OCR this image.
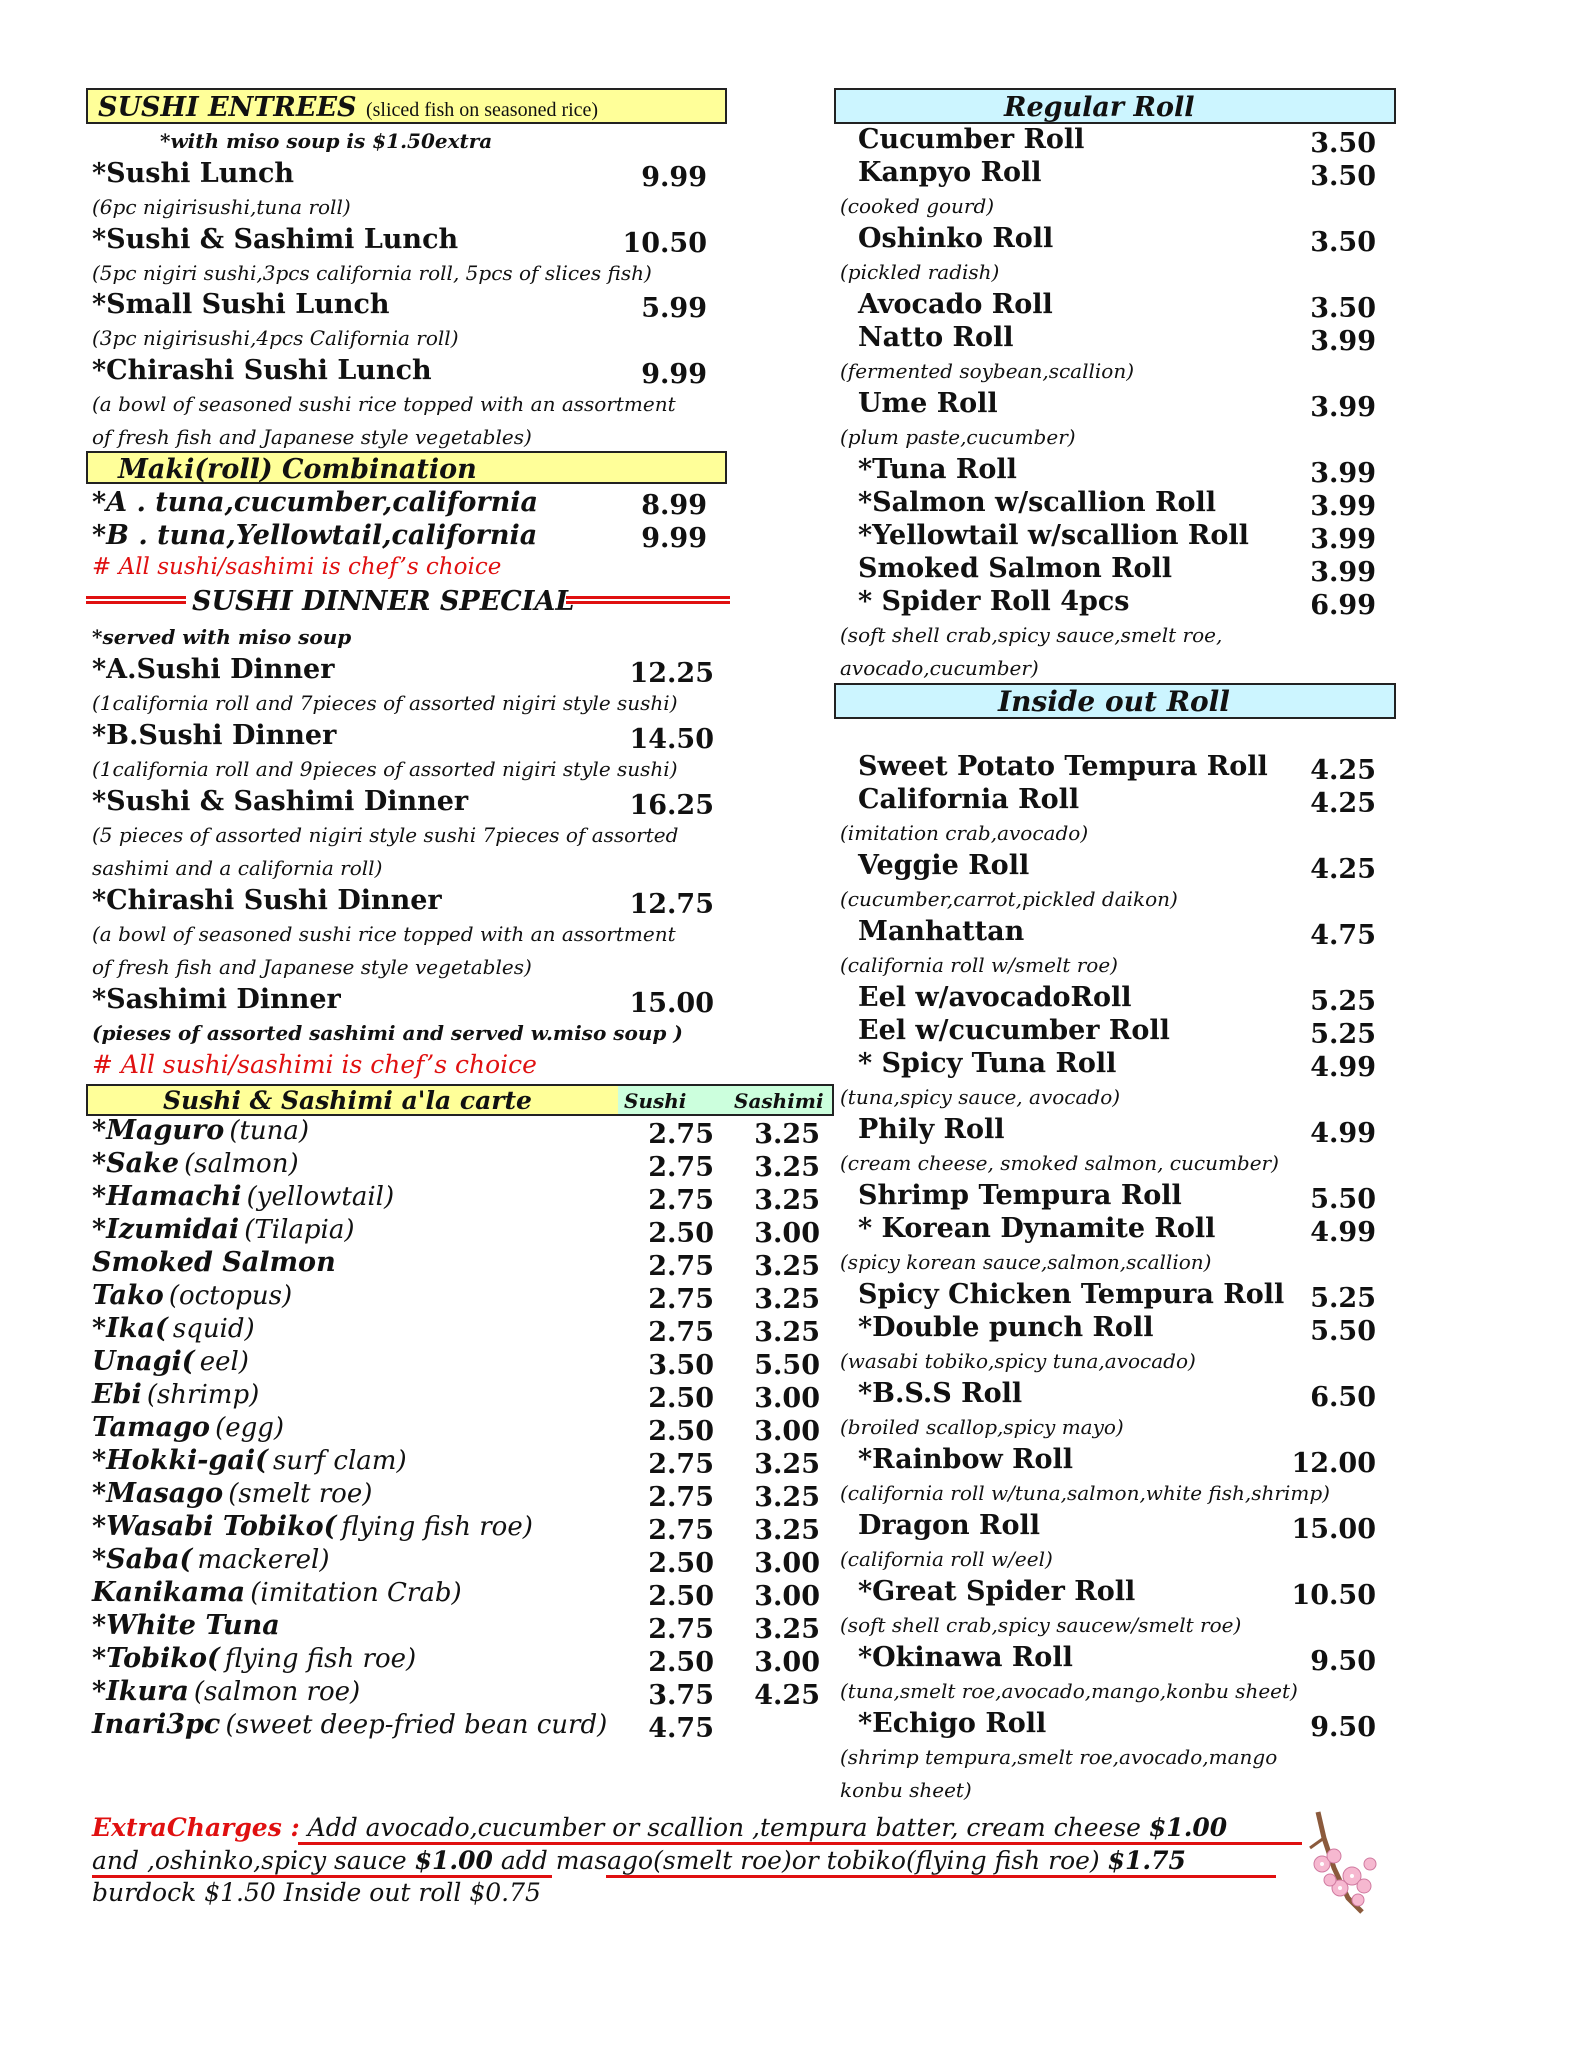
SUSHI ENTREES (sliced fish on seasoned rice)
*with miso soup is $1.50extra
*Sushi Lunch	9.99
(6pc nigirisushi,tuna roll)
*Sushi & Sashimi Lunch	10.50
(5pc nigiri sushi,3pcs california roll, 5pcs of slices fish)
*Small Sushi Lunch	5.99
(3pc nigirisushi,4pcs California roll)
*Chirashi Sushi Lunch	9.99
(a bowl of seasoned sushi rice topped with an assortment
of fresh fish and Japanese style vegetables)
Maki(roll) Combination
*A . tuna,cucumber,california	8.99
*B . tuna,Yellowtail,california	9.99
# All sushi/sashimi is chef’s choice
SUSHI DINNER SPECIAL
*served with miso soup
*A.Sushi Dinner	12.25
(1california roll and 7pieces of assorted nigiri style sushi)
*B.Sushi Dinner	14.50
(1california roll and 9pieces of assorted nigiri style sushi)
*Sushi & Sashimi Dinner	16.25
(5 pieces of assorted nigiri style sushi 7pieces of assorted
sashimi and a california roll)
*Chirashi Sushi Dinner	12.75
(a bowl of seasoned sushi rice topped with an assortment
of fresh fish and Japanese style vegetables)
*Sashimi Dinner	15.00
(pieses of assorted sashimi and served w.miso soup )
# All sushi/sashimi is chef’s choice
Sushi & Sashimi a'la carte	Sushi Sashimi
*Maguro (tuna)	2.75	3.25
*Sake (salmon)	2.75	3.25
*Hamachi (yellowtail)	2.75	3.25
*Izumidai (Tilapia)	2.50	3.00
Smoked Salmon	2.75	3.25
Tako (octopus)	2.75	3.25
*Ika( squid)	2.75	3.25
Unagi( eel)	3.50	5.50
Ebi (shrimp)	2.50	3.00
Tamago (egg)	2.50	3.00
*Hokki-gai( surf clam)	2.75	3.25
*Masago (smelt roe)	2.75	3.25
*Wasabi Tobiko( flying fish roe)	2.75	3.25
*Saba( mackerel)	2.50	3.00
Kanikama (imitation Crab)	2.50	3.00
*White Tuna	2.75	3.25
*Tobiko( flying fish roe)	2.50	3.00
*Ikura (salmon roe)	3.75	4.25
Inari3pc (sweet deep-fried bean curd)	4.75
Regular Roll
Cucumber Roll	3.50
Kanpyo Roll	3.50
(cooked gourd)
Oshinko Roll	3.50
(pickled radish)
Avocado Roll	3.50
Natto Roll	3.99
(fermented soybean,scallion)
Ume Roll	3.99
(plum paste,cucumber)
*Tuna Roll	3.99
*Salmon w/scallion Roll	3.99
*Yellowtail w/scallion Roll	3.99
Smoked Salmon Roll	3.99
* Spider Roll 4pcs	6.99
(soft shell crab,spicy sauce,smelt roe,
avocado,cucumber)
Inside out Roll
Sweet Potato Tempura Roll	4.25
California Roll	4.25
(imitation crab,avocado)
Veggie Roll	4.25
(cucumber,carrot,pickled daikon)
Manhattan	4.75
(california roll w/smelt roe)
Eel w/avocadoRoll	5.25
Eel w/cucumber Roll	5.25
* Spicy Tuna Roll	4.99
(tuna,spicy sauce, avocado)
Phily Roll	4.99
(cream cheese, smoked salmon, cucumber)
Shrimp Tempura Roll	5.50
* Korean Dynamite Roll	4.99
(spicy korean sauce,salmon,scallion)
Spicy Chicken Tempura Roll 5.25
*Double punch Roll	5.50
(wasabi tobiko,spicy tuna,avocado)
*B.S.S Roll	6.50
(broiled scallop,spicy mayo)
*Rainbow Roll	12.00
(california roll w/tuna,salmon,white fish,shrimp)
Dragon Roll	15.00
(california roll w/eel)
*Great Spider Roll	10.50
(soft shell crab,spicy saucew/smelt roe)
*Okinawa Roll	9.50
(tuna,smelt roe,avocado,mango,konbu sheet)
*Echigo Roll	9.50
(shrimp tempura,smelt roe,avocado,mango
konbu sheet)
ExtraCharges : Add avocado,cucumber or scallion ,tempura batter, cream cheese $1.00
and ,oshinko,spicy sauce $1.00 add masago(smelt roe)or tobiko(flying fish roe) $1.75
burdock $1.50 Inside out roll $0.75
